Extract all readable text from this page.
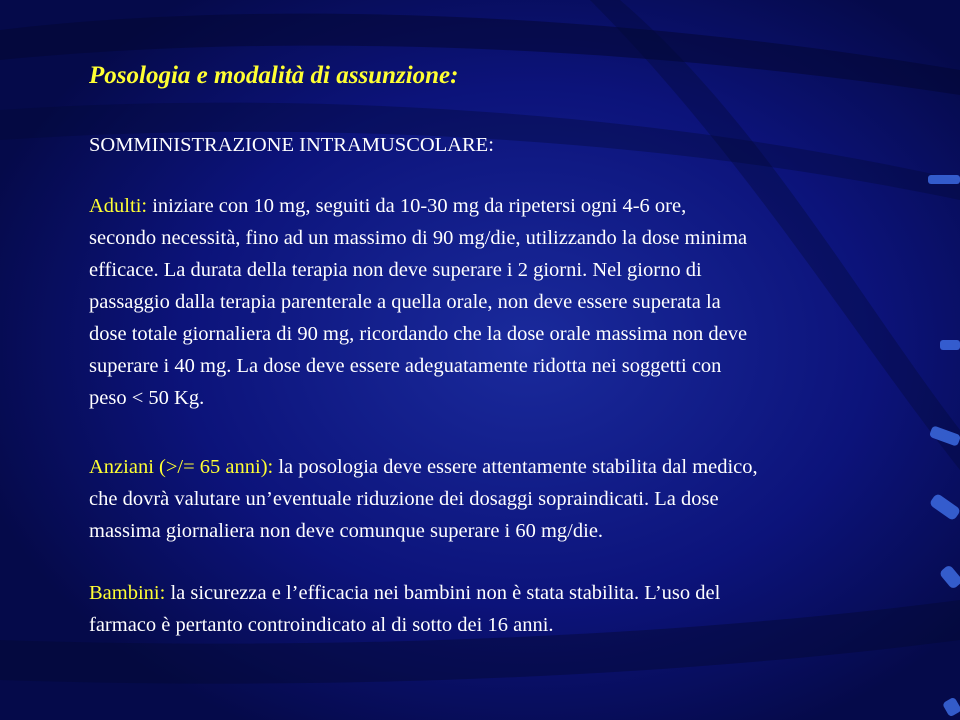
Posologia e modalità di assunzione:

SOMMINISTRAZIONE INTRAMUSCOLARE:

Adulti: iniziare con 10 mg, seguiti da 10-30 mg da ripetersi ogni 4-6 ore,
secondo necessità, fino ad un massimo di 90 mg/die, utilizzando la dose minima
efficace. La durata della terapia non deve superare i 2 giorni. Nel giorno di
passaggio dalla terapia parenterale a quella orale, non deve essere superata la
dose totale giornaliera di 90 mg, ricordando che la dose orale massima non deve
superare i 40 mg. La dose deve essere adeguatamente ridotta nei soggetti con
peso < 50 Kg.

Anziani (>/= 65 anni): la posologia deve essere attentamente stabilita dal medico,
che dovrà valutare un’eventuale riduzione dei dosaggi sopraindicati. La dose
massima giornaliera non deve comunque superare i 60 mg/die.

Bambini: la sicurezza e l’efficacia nei bambini non è stata stabilita. L’uso del
farmaco è pertanto controindicato al di sotto dei 16 anni.
